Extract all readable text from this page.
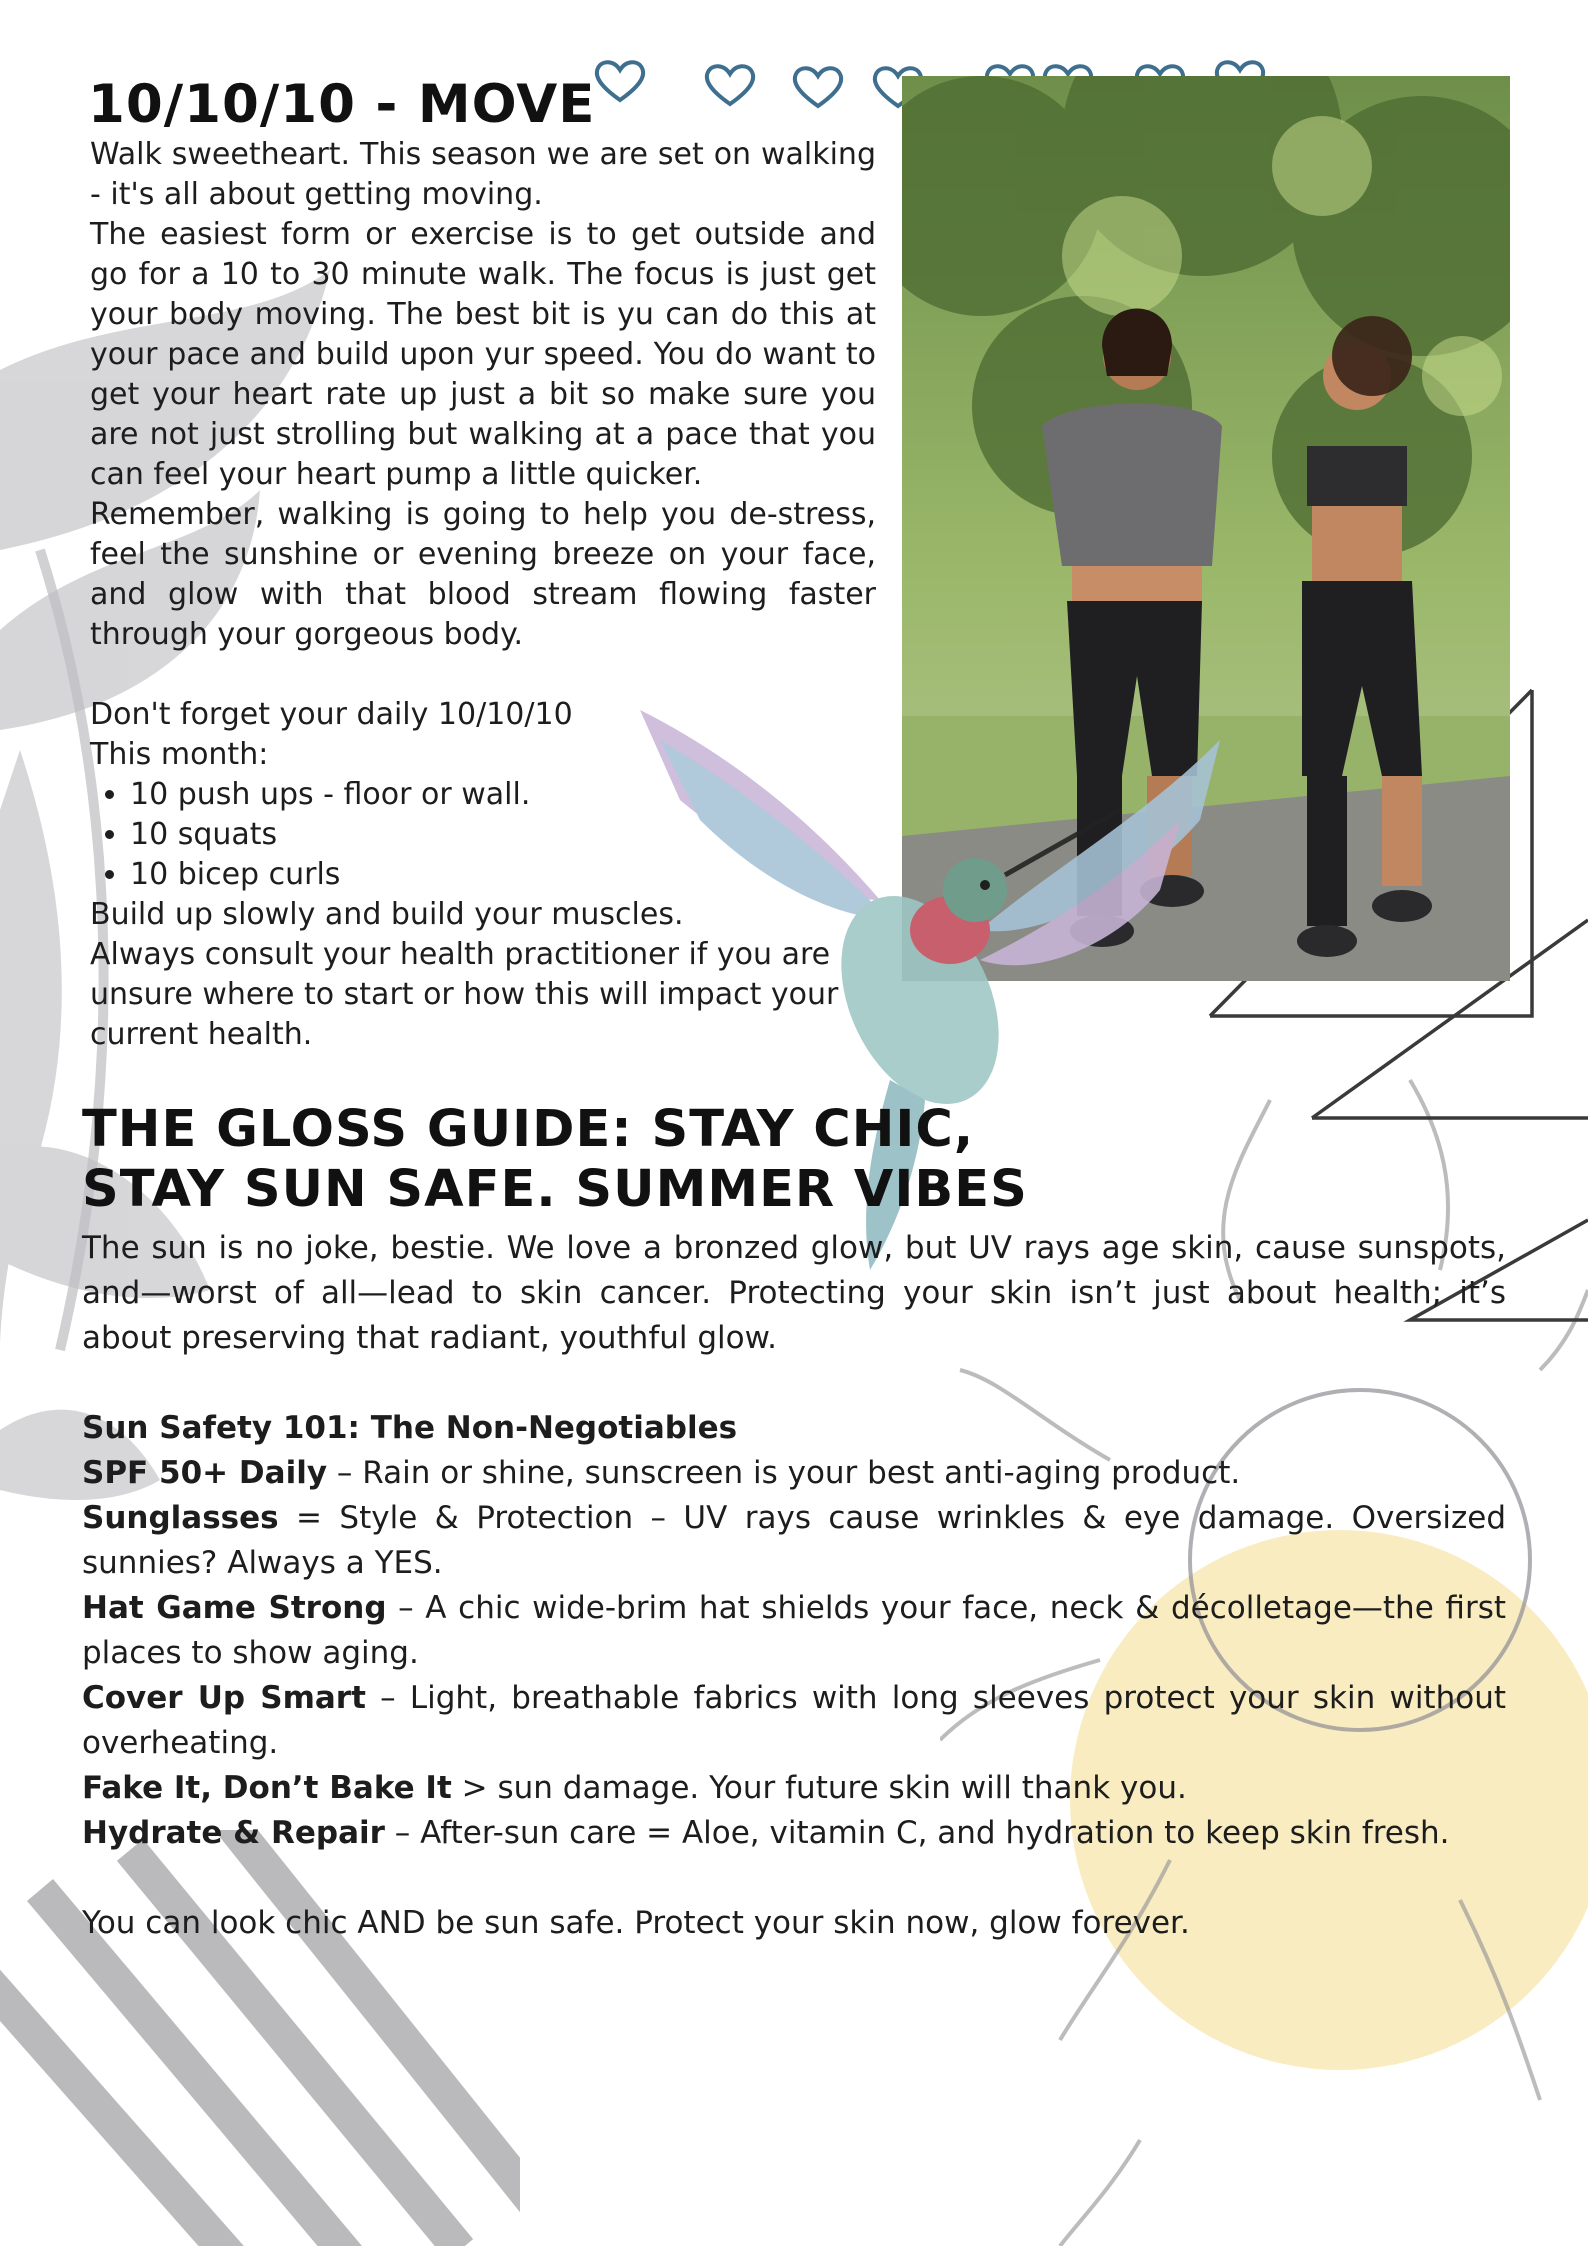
10/10/10 - MOVE

Walk sweetheart. This season we are set on walking - it's all about getting moving.

The easiest form or exercise is to get outside and go for a 10 to 30 minute walk. The focus is just get your body moving. The best bit is yu can do this at your pace and build upon yur speed. You do want to get your heart rate up just a bit so make sure you are not just strolling but walking at a pace that you can feel your heart pump a little quicker.

Remember, walking is going to help you de-stress, feel the sunshine or evening breeze on your face, and glow with that blood stream flowing faster through your gorgeous body.

Don't forget your daily 10/10/10

This month:

• 10 push ups - floor or wall.
• 10 squats
• 10 bicep curls

Build up slowly and build your muscles.

Always consult your health practitioner if you are unsure where to start or how this will impact your current health.

THE GLOSS GUIDE: STAY CHIC,
STAY SUN SAFE. SUMMER VIBES

The sun is no joke, bestie. We love a bronzed glow, but UV rays age skin, cause sunspots, and—worst of all—lead to skin cancer. Protecting your skin isn’t just about health; it’s about preserving that radiant, youthful glow.

Sun Safety 101: The Non-Negotiables

SPF 50+ Daily – Rain or shine, sunscreen is your best anti-aging product.

Sunglasses = Style & Protection – UV rays cause wrinkles & eye damage. Oversized sunnies? Always a YES.

Hat Game Strong – A chic wide-brim hat shields your face, neck & décolletage—the first places to show aging.

Cover Up Smart – Light, breathable fabrics with long sleeves protect your skin without overheating.

Fake It, Don’t Bake It > sun damage. Your future skin will thank you.

Hydrate & Repair – After-sun care = Aloe, vitamin C, and hydration to keep skin fresh.

You can look chic AND be sun safe. Protect your skin now, glow forever.
